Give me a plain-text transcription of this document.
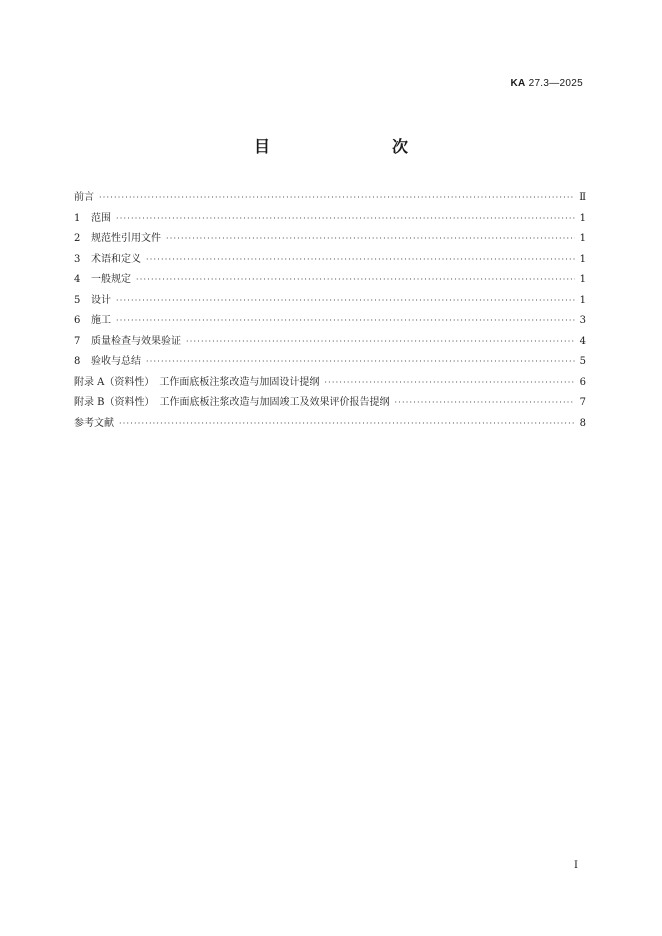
KA 27.3—2025
目　　次
前言 ·····	Ⅱ
1	范围 ·····	1
2	规范性引用文件 ·····	1
3	术语和定义 ·····	1
4	一般规定 ·····	1
5	设计 ·····	1
6	施工 ·····	3
7	质量检查与效果验证 ·····	4
8	验收与总结 ·····	5
附录 A（资料性）　工作面底板注浆改造与加固设计提纲 ·····	6
附录 B（资料性）　工作面底板注浆改造与加固竣工及效果评价报告提纲 ·····	7
参考文献 ·····	8
I
